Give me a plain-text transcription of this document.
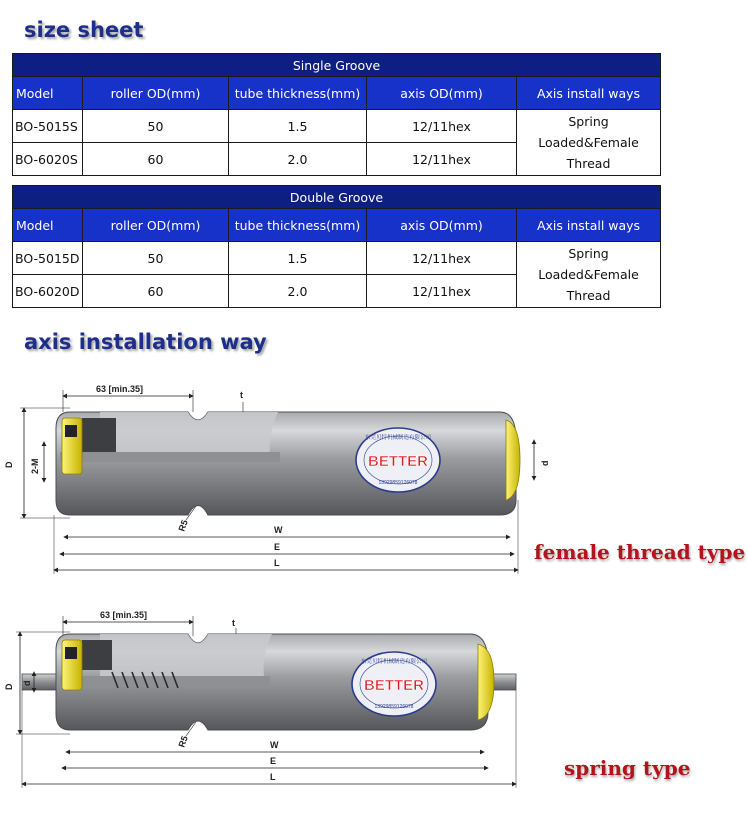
size sheet
Single Groove				
Model	roller OD(mm)	tube thickness(mm)	axis OD(mm)	Axis install ways
BO-5015S	50	1.5	12/11hex	Spring
Loaded&Female
Thread
BO-6020S	60	2.0	12/11hex	
Double Groove				
Model	roller OD(mm)	tube thickness(mm)	axis OD(mm)	Axis install ways
BO-5015D	50	1.5	12/11hex	Spring
Loaded&Female
Thread
BO-6020D	60	2.0	12/11hex	
axis installation way
63 [min.35]
t
D 2-M	d
R5	W
E
L
东莞贝特机械制造有限公司
BETTER
13929859126078
63 [min.35]
t
D
d
R5	W
E
L
东莞贝特机械制造有限公司
BETTER
13929859126078
female thread type
spring type
